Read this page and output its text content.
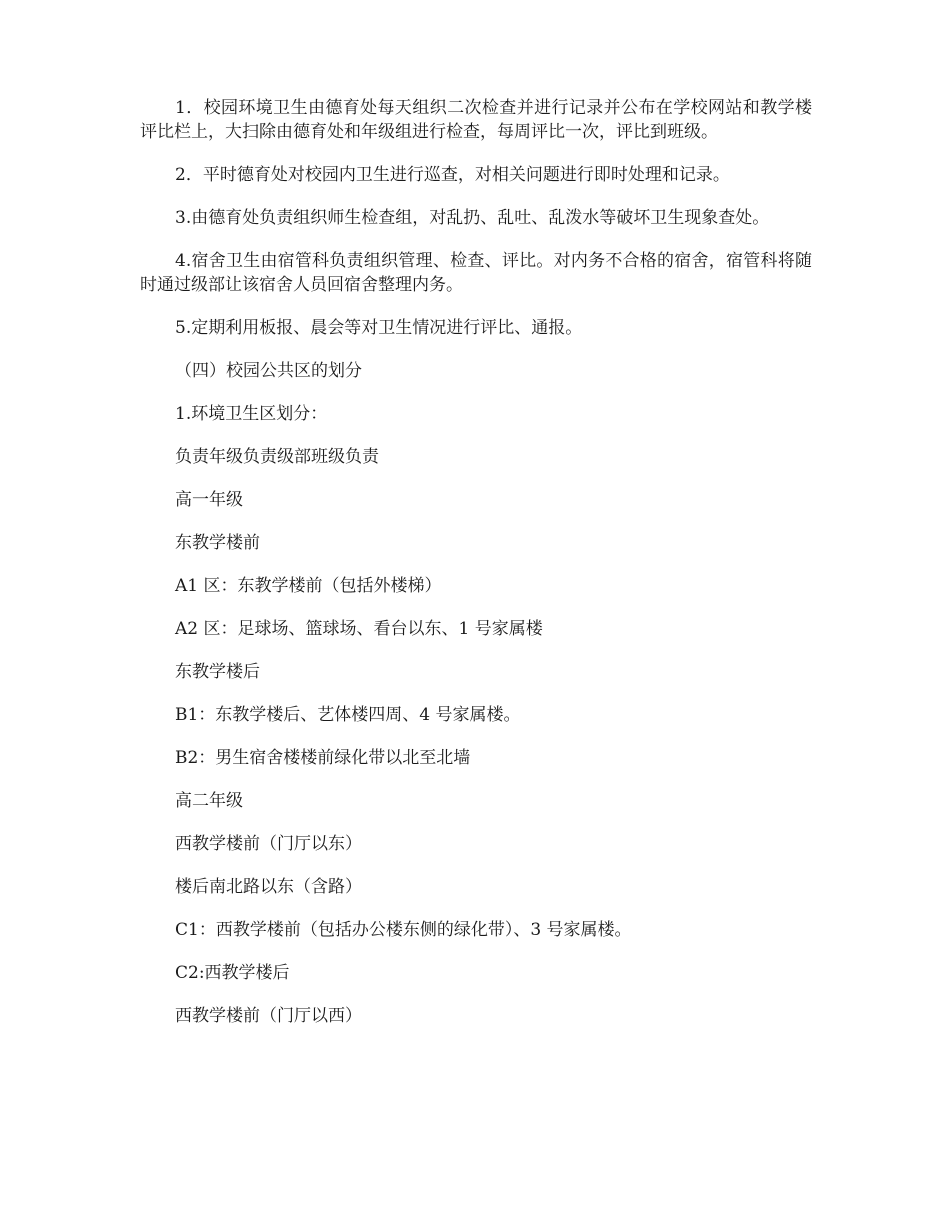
1．校园环境卫生由德育处每天组织二次检查并进行记录并公布在学校网站和教学楼评比栏上，大扫除由德育处和年级组进行检查，每周评比一次，评比到班级。

2．平时德育处对校园内卫生进行巡查，对相关问题进行即时处理和记录。

3.由德育处负责组织师生检查组，对乱扔、乱吐、乱泼水等破坏卫生现象查处。

4.宿舍卫生由宿管科负责组织管理、检查、评比。对内务不合格的宿舍，宿管科将随时通过级部让该宿舍人员回宿舍整理内务。

5.定期利用板报、晨会等对卫生情况进行评比、通报。

（四）校园公共区的划分

1.环境卫生区划分：

负责年级负责级部班级负责

高一年级

东教学楼前

A1 区：东教学楼前（包括外楼梯）

A2 区：足球场、篮球场、看台以东、1 号家属楼

东教学楼后

B1：东教学楼后、艺体楼四周、4 号家属楼。

B2：男生宿舍楼楼前绿化带以北至北墙

高二年级

西教学楼前（门厅以东）

楼后南北路以东（含路）

C1：西教学楼前（包括办公楼东侧的绿化带）、3 号家属楼。

C2:西教学楼后

西教学楼前（门厅以西）
